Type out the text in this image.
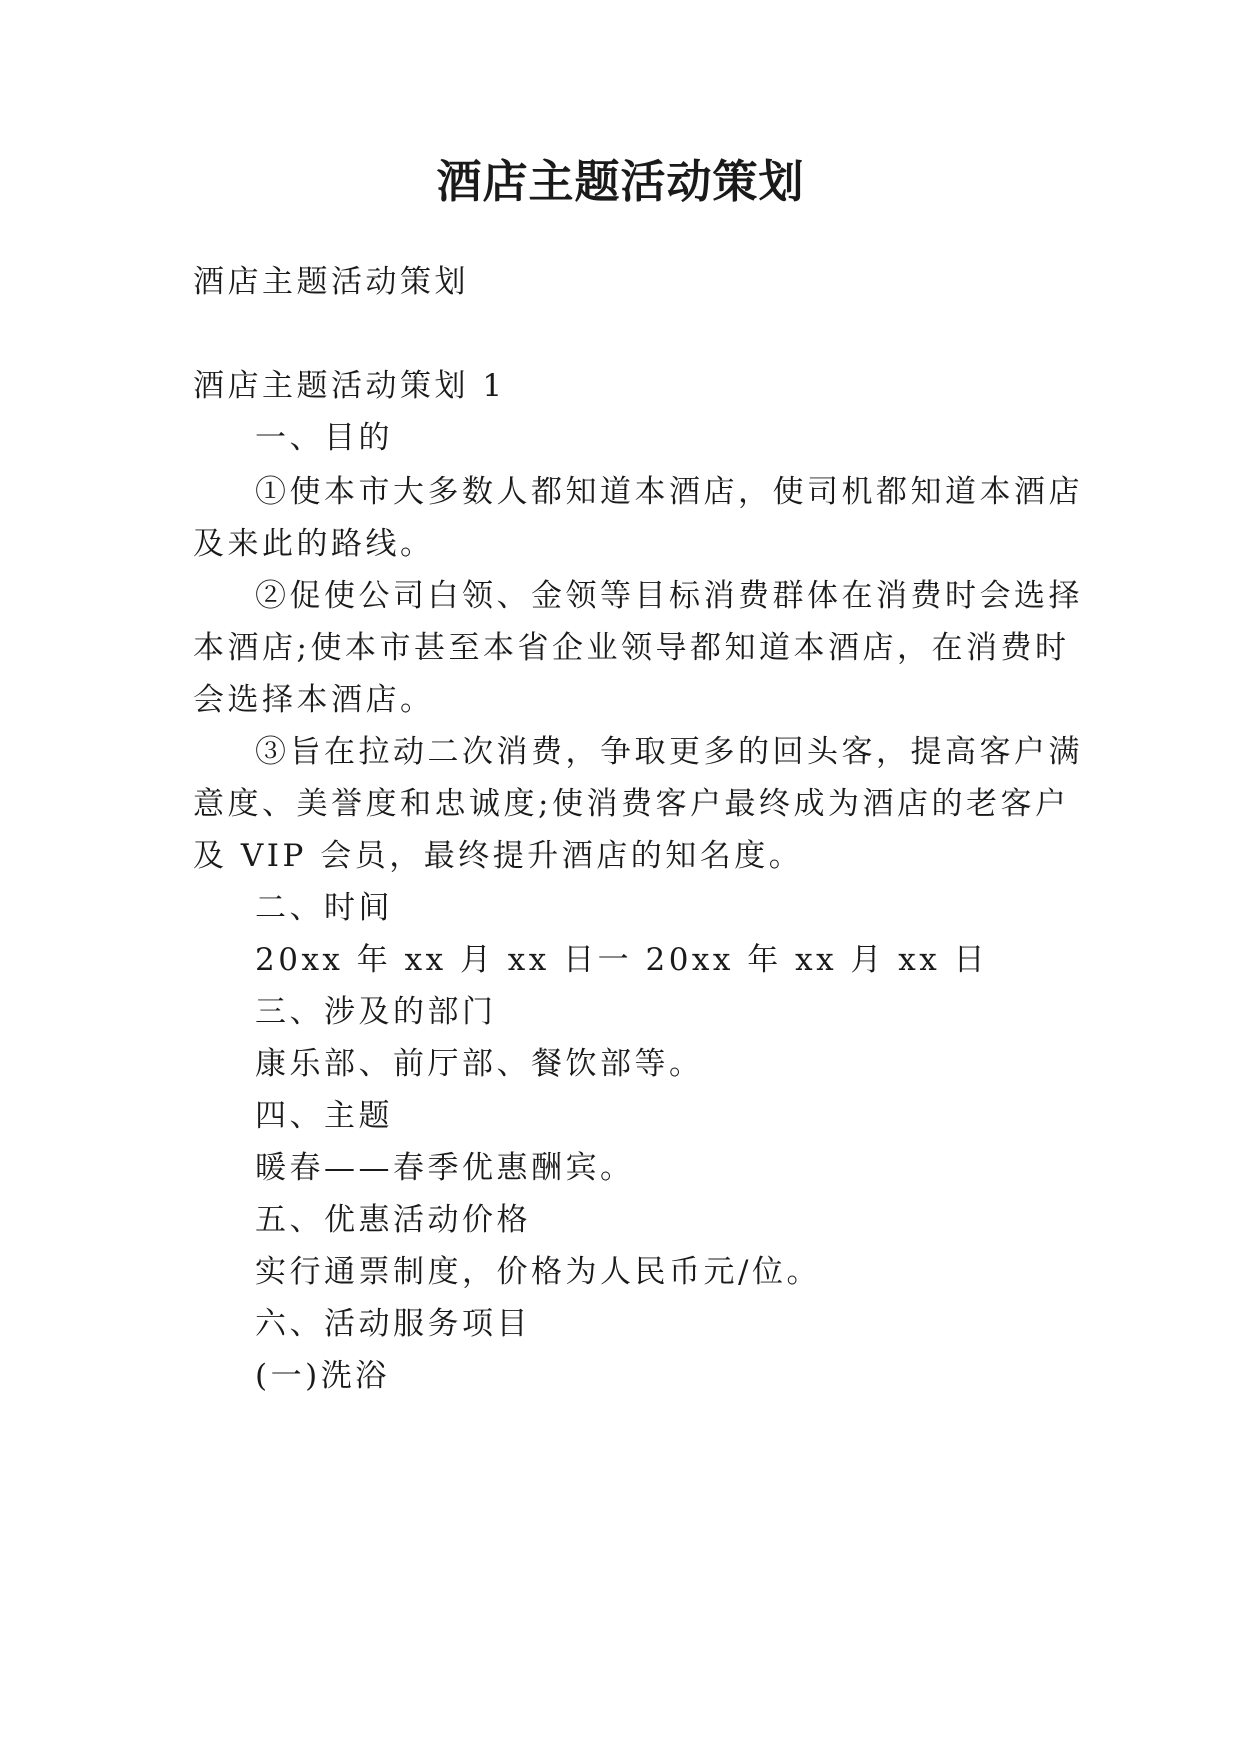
酒店主题活动策划
酒店主题活动策划
酒店主题活动策划 1
一、目的
①使本市大多数人都知道本酒店，使司机都知道本酒店
及来此的路线。
②促使公司白领、金领等目标消费群体在消费时会选择
本酒店;使本市甚至本省企业领导都知道本酒店，在消费时
会选择本酒店。
③旨在拉动二次消费，争取更多的回头客，提高客户满
意度、美誉度和忠诚度;使消费客户最终成为酒店的老客户
及 VIP 会员，最终提升酒店的知名度。
二、时间
20xx 年 xx 月 xx 日一 20xx 年 xx 月 xx 日
三、涉及的部门
康乐部、前厅部、餐饮部等。
四、主题
暖春——春季优惠酬宾。
五、优惠活动价格
实行通票制度，价格为人民币元/位。
六、活动服务项目
(一)洗浴
